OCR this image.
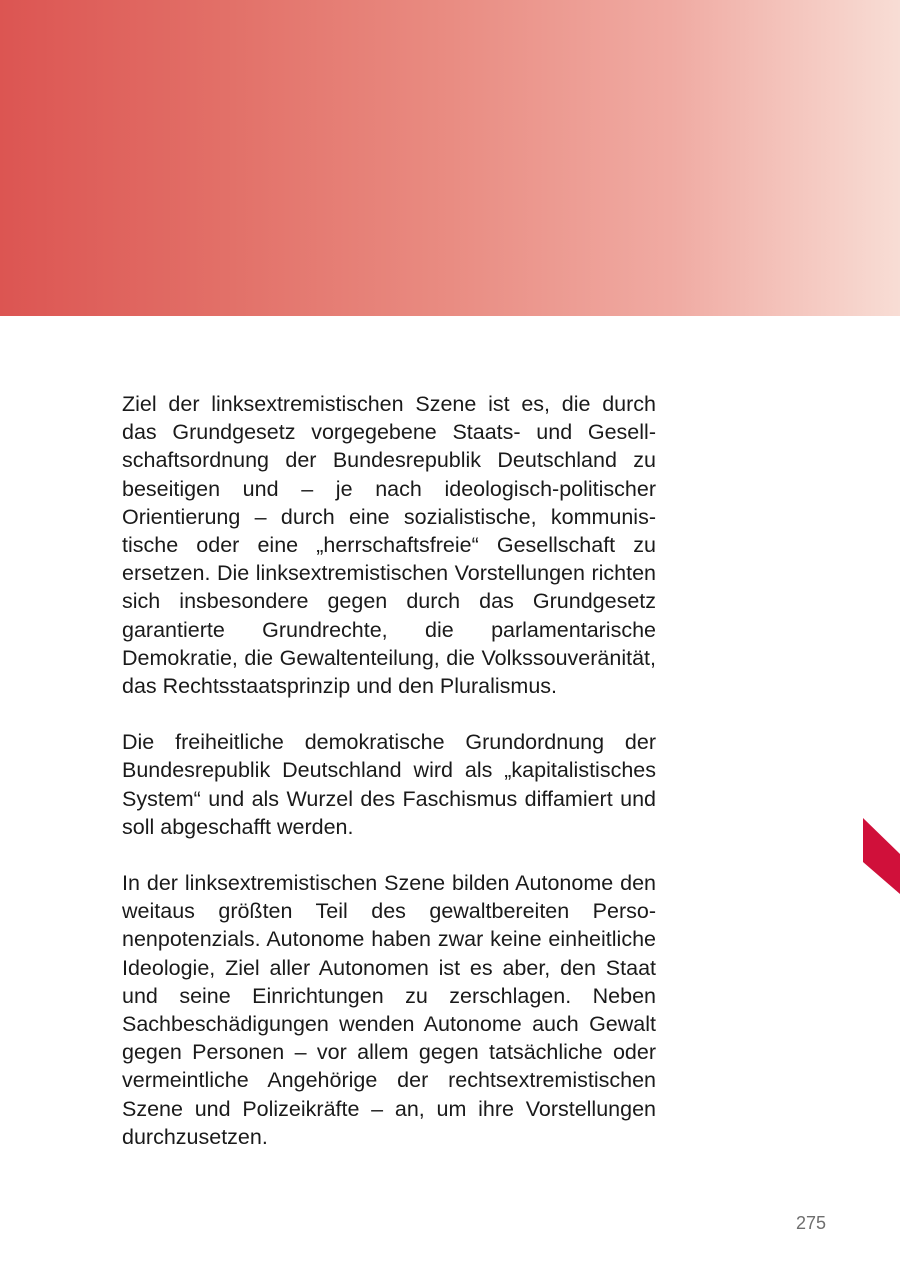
Ziel der linksextremistischen Szene ist es, die durch das Grundgesetz vorgegebene Staats- und Gesellschaftsordnung der Bundesrepublik Deutschland zu beseitigen und – je nach ideologisch-politischer Orientierung – durch eine sozialistische, kommunistische oder eine „herrschaftsfreie“ Gesellschaft zu ersetzen. Die linksextremistischen Vorstellungen richten sich insbesondere gegen durch das Grundgesetz garantierte Grundrechte, die parlamentarische Demokratie, die Gewaltenteilung, die Volkssouveränität, das Rechtsstaatsprinzip und den Pluralismus.

Die freiheitliche demokratische Grundordnung der Bundesrepublik Deutschland wird als „kapitalistisches System“ und als Wurzel des Faschismus diffamiert und soll abgeschafft werden.

In der linksextremistischen Szene bilden Autonome den weitaus größten Teil des gewaltbereiten Personenpotenzials. Autonome haben zwar keine einheitliche Ideologie, Ziel aller Autonomen ist es aber, den Staat und seine Einrichtungen zu zerschlagen. Neben Sachbeschädigungen wenden Autonome auch Gewalt gegen Personen – vor allem gegen tatsächliche oder vermeintliche Angehörige der rechtsextremistischen Szene und Polizeikräfte – an, um ihre Vorstellungen durchzusetzen.

275
